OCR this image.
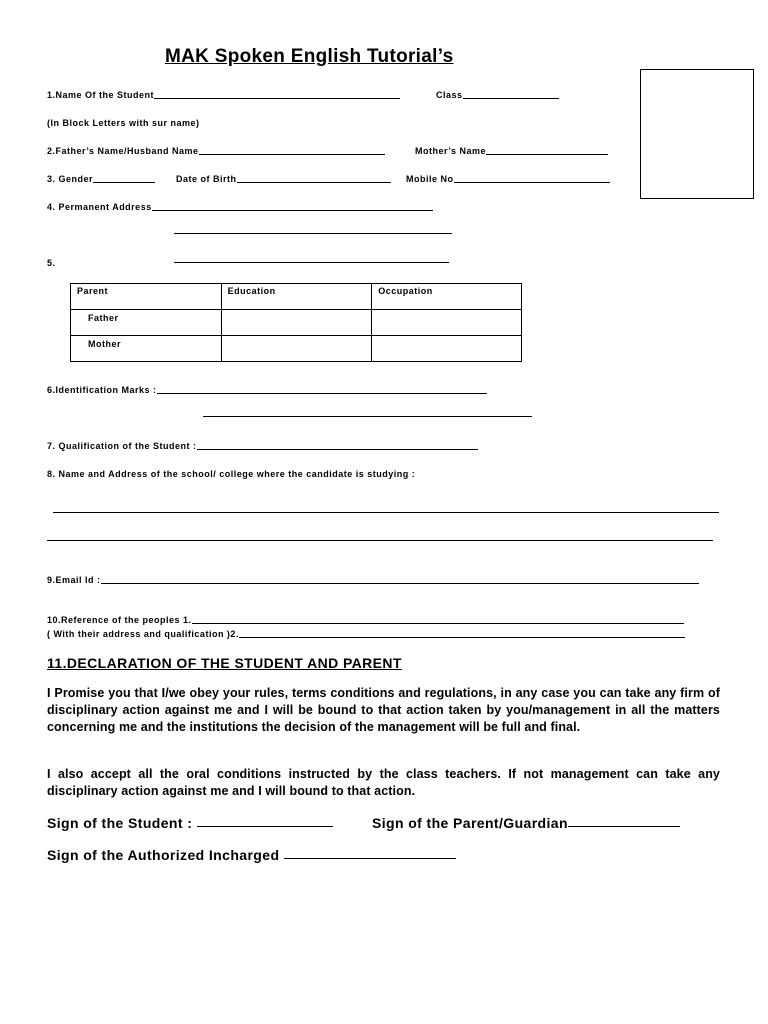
MAK Spoken English Tutorial’s
1.Name Of the Student	Class
(In Block Letters with sur name)
2.Father’s Name/Husband Name	Mother’s Name
3. Gender	Date of Birth	Mobile No
4. Permanent Address
5.
Parent	Education	Occupation
Father		
Mother		
6.Identification Marks :
7. Qualification of the Student :
8. Name and Address of the school/ college where the candidate is studying :
9.Email Id :
10.Reference of the peoples 1.
( With their address and qualification )2.
11.DECLARATION OF THE STUDENT AND PARENT
I Promise you that I/we obey your rules, terms conditions and regulations, in any case you can take any firm of disciplinary action against me and I will be bound to that action taken by you/management in all the matters concerning me and the institutions the decision of the management will be full and final.
I also accept all the oral conditions instructed by the class teachers. If not management can take any disciplinary action against me and I will bound to that action.
Sign of the Student :	Sign of the Parent/Guardian
Sign of the Authorized Incharged
